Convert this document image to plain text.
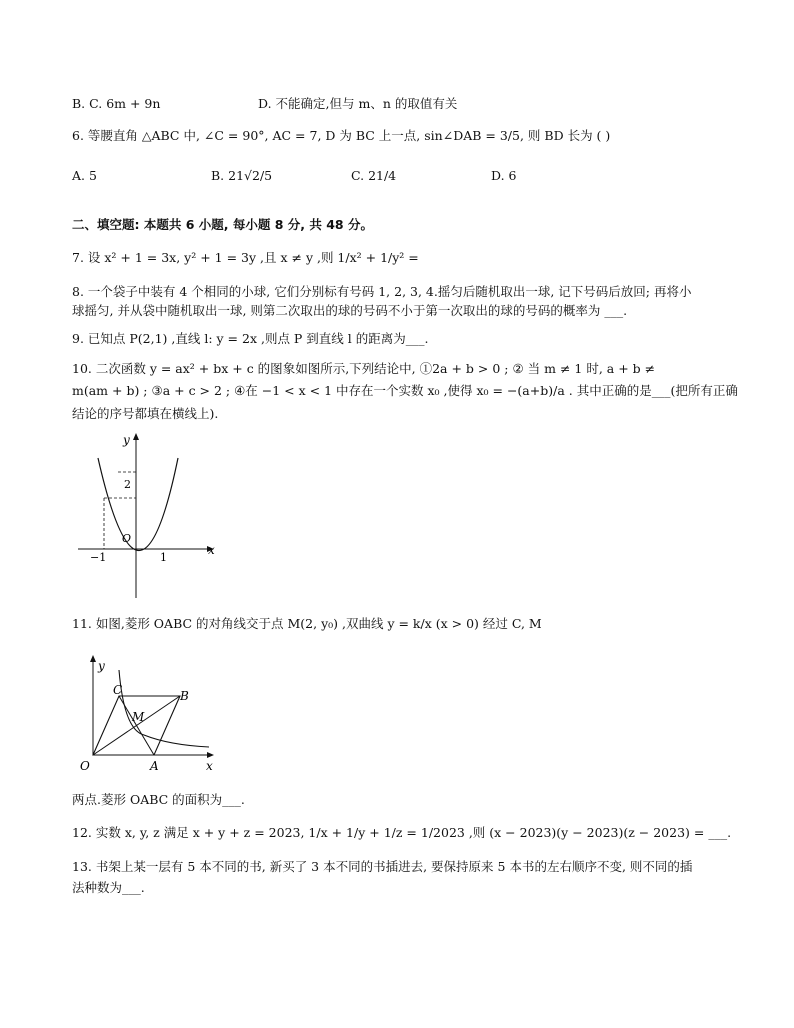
B. C. 6m + 9n	D. 不能确定,但与 m、n 的取值有关
6. 等腰直角 △ABC 中, ∠C = 90°, AC = 7, D 为 BC 上一点, sin∠DAB = 3/5, 则 BD 长为 ( )
A. 5	B. 21√2/5	C. 21/4	D. 6
二、填空题: 本题共 6 小题, 每小题 8 分, 共 48 分。
7. 设 x² + 1 = 3x, y² + 1 = 3y ,且 x ≠ y ,则 1/x² + 1/y² =
8. 一个袋子中装有 4 个相同的小球, 它们分别标有号码 1, 2, 3, 4.摇匀后随机取出一球, 记下号码后放回; 再将小
球摇匀, 并从袋中随机取出一球, 则第二次取出的球的号码不小于第一次取出的球的号码的概率为 ___.
9. 已知点 P(2,1) ,直线 l: y = 2x ,则点 P 到直线 l 的距离为___.
10. 二次函数 y = ax² + bx + c 的图象如图所示,下列结论中, ①2a + b > 0 ; ② 当 m ≠ 1 时, a + b ≠
m(am + b) ; ③a + c > 2 ; ④在 −1 < x < 1 中存在一个实数 x₀ ,使得 x₀ = −(a+b)/a . 其中正确的是___(把所有正确
结论的序号都填在横线上).
y
x
O
2
−1	1
11. 如图,菱形 OABC 的对角线交于点 M(2, y₀) ,双曲线 y = k/x (x > 0) 经过 C, M
y
x
O	A
B
C
M
两点.菱形 OABC 的面积为___.
12. 实数 x, y, z 满足 x + y + z = 2023, 1/x + 1/y + 1/z = 1/2023 ,则 (x − 2023)(y − 2023)(z − 2023) = ___.
13. 书架上某一层有 5 本不同的书, 新买了 3 本不同的书插进去, 要保持原来 5 本书的左右顺序不变, 则不同的插
法种数为___.
